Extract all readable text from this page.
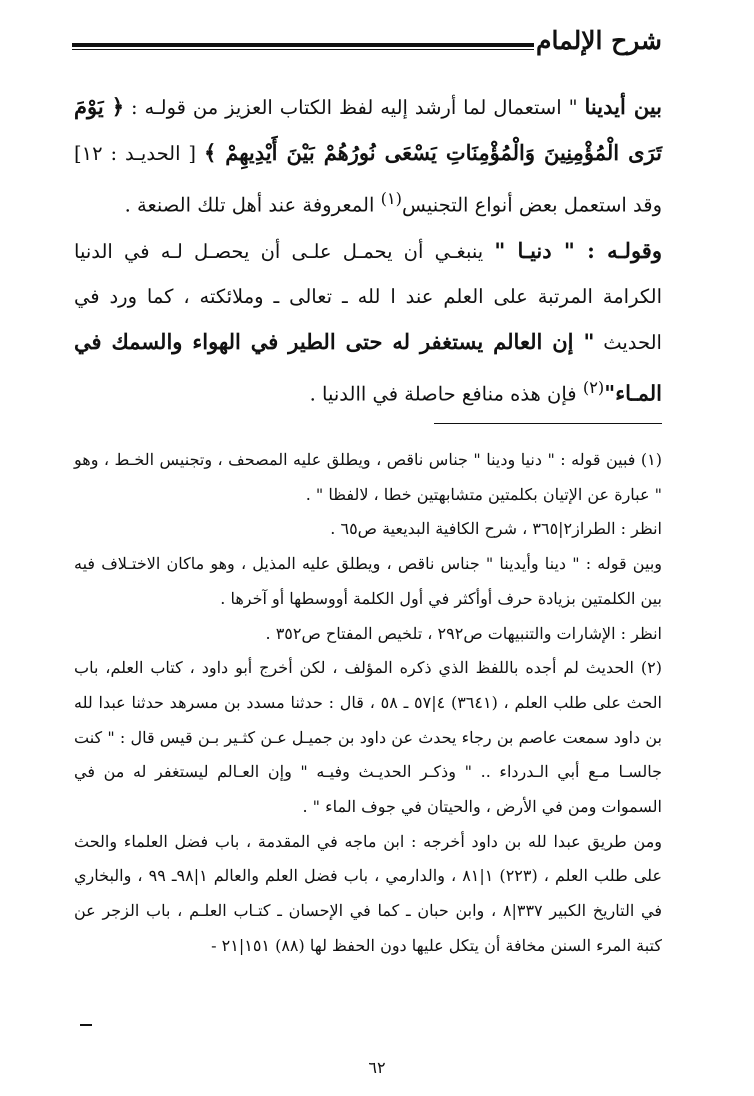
شرح الإلمام

بين أيدينا " استعمال لما أرشد إليه لفظ الكتاب العزيز من قولـه : ﴿ يَوْمَ تَرَى الْمُؤْمِنِينَ وَالْمُؤْمِنَاتِ يَسْعَى نُورُهُمْ بَيْنَ أَيْدِيهِمْ ﴾ [ الحديـد : ١٢] وقد استعمل بعض أنواع التجنيس$^{(١)}$ المعروفة عند أهل تلك الصنعة .

وقولـه : " دنيـا " ينبغـي أن يحمـل علـى أن يحصـل لـه في الدنيا الكرامة المرتبة على العلم عند ا لله ـ تعالى ـ وملائكته ، كما ورد في الحديث " إن العالم يستغفر له حتى الطير في الهواء والسمك في المـاء"$^{(٢)}$ فإن هذه منافع حاصلة في االدنيا .

(١) فبين قوله : " دنيا ودينا " جناس ناقص ، ويطلق عليه المصحف ، وتجنيس الخـط ، وهو " عبارة عن الإتيان بكلمتين متشابهتين خطا ، لالفظا " .

انظر : الطراز٢|٣٦٥ ، شرح الكافية البديعية ص٦٥ .

وبين قوله : " دينا وأيدينا " جناس ناقص ، ويطلق عليه المذيل ، وهو ماكان الاختـلاف فيه بين الكلمتين بزيادة حرف أوأكثر في أول الكلمة أووسطها أو آخرها .

انظر : الإشارات والتنبيهات ص٢٩٢ ، تلخيص المفتاح ص٣٥٢ .

(٢) الحديث لم أجده باللفظ الذي ذكره المؤلف ، لكن أخرج أبو داود ، كتاب العلم، باب الحث على طلب العلم ، (٣٦٤١) ٤|٥٧ ـ ٥٨ ، قال : حدثنا مسدد بن مسرهد حدثنا عبدا لله بن داود سمعت عاصم بن رجاء يحدث عن داود بن جميـل عـن كثـير بـن قيس قال : " كنت جالسـا مـع أبي الـدرداء .. " وذكـر الحديـث وفيـه " وإن العـالم ليستغفر له من في السموات ومن في الأرض ، والحيتان في جوف الماء " .

ومن طريق عبدا لله بن داود أخرجه : ابن ماجه في المقدمة ، باب فضل العلماء والحث على طلب العلم ، (٢٢٣) ١|٨١ ، والدارمي ، باب فضل العلم والعالم ١|٩٨ـ ٩٩ ، والبخاري في التاريخ الكبير ٣٣٧|٨ ، وابن حبان ـ كما في الإحسان ـ كتـاب العلـم ، باب الزجر عن كتبة المرء السنن مخافة أن يتكل عليها دون الحفظ لها (٨٨) ١٥١|٢١ -

٦٢
